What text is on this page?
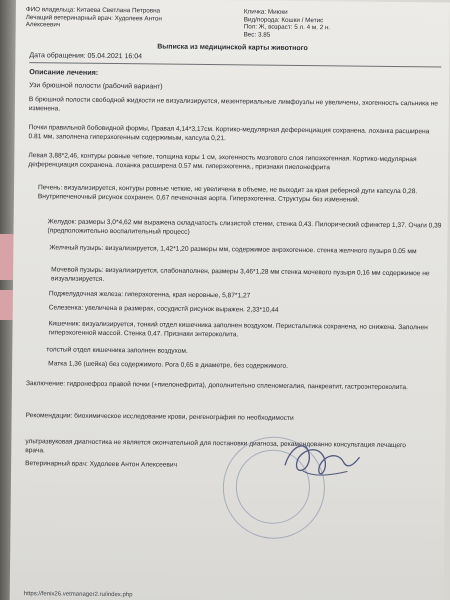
ФИО владельца: Китаева Светлана Петровна
Лечащий ветеринарный врач: Худолеев Антон
Алексеевич
Кличка: Миюки
Вид/порода: Кошки / Метис
Пол: Ж, возраст: 5 л. 4 м. 2 н.
Вес: 3.85
Выписка из медицинской карты животного
Дата обращения: 05.04.2021 16:04
Описание лечения:
Узи брюшной полости (рабочий вариант)
В брюшной полости свободной жидкости не визуализируется, мезентериальные лимфоузлы не увеличены, эхогенность сальника не изменена.
Почки правильной бобовидной формы, Правая 4,14*3,17см. Кортико-медулярная деференциация сохранена. лоханка расширена 0.81 мм, заполнена гиперэхогенным содержимым, капсула 0,21.
Левая 3,88*2,46, контуры ровные четкие, толщина коры 1 см, эхогенность мозгового слоя гипоэхогенная. Кортико-медулярная деференциация сохранена. лоханка расширена 0.57 мм. гиперэхогенна., признаки пиелонефрита
Печень: визуализируется, контуры ровные четкие, не увеличена в объеме, не выходит за края реберной дуги капсула 0,28. Внутрипеченочный рисунок сохранен. 0,67 печеночная аорта. Гиперэхогенна. Структуры без изменений.
Желудок: размеры 3,0*4,62 мм выражена складчатость слизистой стенки, стенка 0,43. Пилорический сфинктер 1,37. Очаги 0,39 (предположительно воспалительный процесс)
Желчный пузырь: визуализируется, 1,42*1,20 размеры мм, содержимое анрэхогенное. стенка желчного пузыря 0.05 мм
Мочевой пузырь: визуализируется, слабонаполнен, размеры 3,46*1,28 мм стенка мочевого пузыря 0,16 мм содержимое не визуализируется.
Поджелудочная железа: гиперэхогенна, края неровные, 5,87*1,27
Селезенка: увеличена в размерах, сосудистй рисунок выражен. 2,33*10,44
Кишечник: визуализируется, тонкий отдел кишечника заполнен воздухом. Перистальтика сохранена, но снижена. Заполнен гиперэхогенной массой. Стенка 0,47. Признаки энтероколита.
толстый отдел кишечника заполнен воздухом.
Матка 1,36 (шейка) без содержимого. Рога 0,65 в диаметре, без содержимого.
Заключение: гидронефроз правой почки (+пиелонефрита), дополнительно спленомегалия, панкреатит, гастроэнтероколита.
Рекомендации: биохимическое исследование крови, ренгенография по необходимости
ультразвуковая диагностика не является окончательной для постановки диагноза, рекамендованно консультация лечащего врача.
Ветеринарный врач: Худолеев Антон Алексеевич
https://fenix26.vetmanager2.ru/index.php
